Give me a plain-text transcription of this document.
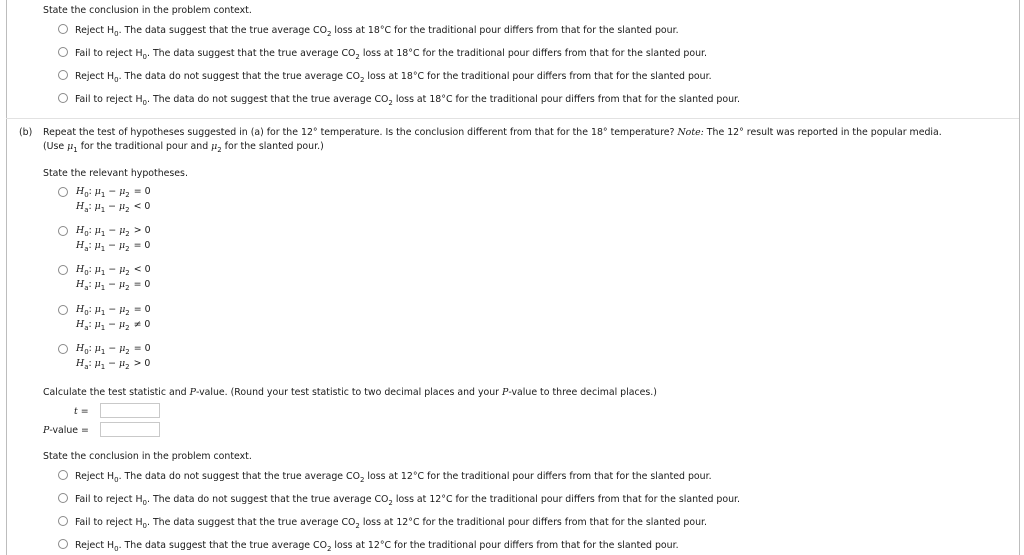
State the conclusion in the problem context.
Reject $H_0$. The data suggest that the true average $CO_2$ loss at 18°C for the traditional pour differs from that for the slanted pour.
Fail to reject $H_0$. The data suggest that the true average $CO_2$ loss at 18°C for the traditional pour differs from that for the slanted pour.
Reject $H_0$. The data do not suggest that the true average $CO_2$ loss at 18°C for the traditional pour differs from that for the slanted pour.
Fail to reject $H_0$. The data do not suggest that the true average $CO_2$ loss at 18°C for the traditional pour differs from that for the slanted pour.
(b) Repeat the test of hypotheses suggested in (a) for the 12° temperature. Is the conclusion different from that for the 18° temperature? Note: The 12° result was reported in the popular media.
(Use $\mu_1$ for the traditional pour and $\mu_2$ for the slanted pour.)
State the relevant hypotheses.
$H_0$: $\mu_1 - \mu_2 = 0$
$H_a$: $\mu_1 - \mu_2 < 0$
$H_0$: $\mu_1 - \mu_2 > 0$
$H_a$: $\mu_1 - \mu_2 = 0$
$H_0$: $\mu_1 - \mu_2 < 0$
$H_a$: $\mu_1 - \mu_2 = 0$
$H_0$: $\mu_1 - \mu_2 = 0$
$H_a$: $\mu_1 - \mu_2 \ne 0$
$H_0$: $\mu_1 - \mu_2 = 0$
$H_a$: $\mu_1 - \mu_2 > 0$
Calculate the test statistic and P-value. (Round your test statistic to two decimal places and your P-value to three decimal places.)
t =
P-value =
State the conclusion in the problem context.
Reject $H_0$. The data do not suggest that the true average $CO_2$ loss at 12°C for the traditional pour differs from that for the slanted pour.
Fail to reject $H_0$. The data do not suggest that the true average $CO_2$ loss at 12°C for the traditional pour differs from that for the slanted pour.
Fail to reject $H_0$. The data suggest that the true average $CO_2$ loss at 12°C for the traditional pour differs from that for the slanted pour.
Reject $H_0$. The data suggest that the true average $CO_2$ loss at 12°C for the traditional pour differs from that for the slanted pour.
